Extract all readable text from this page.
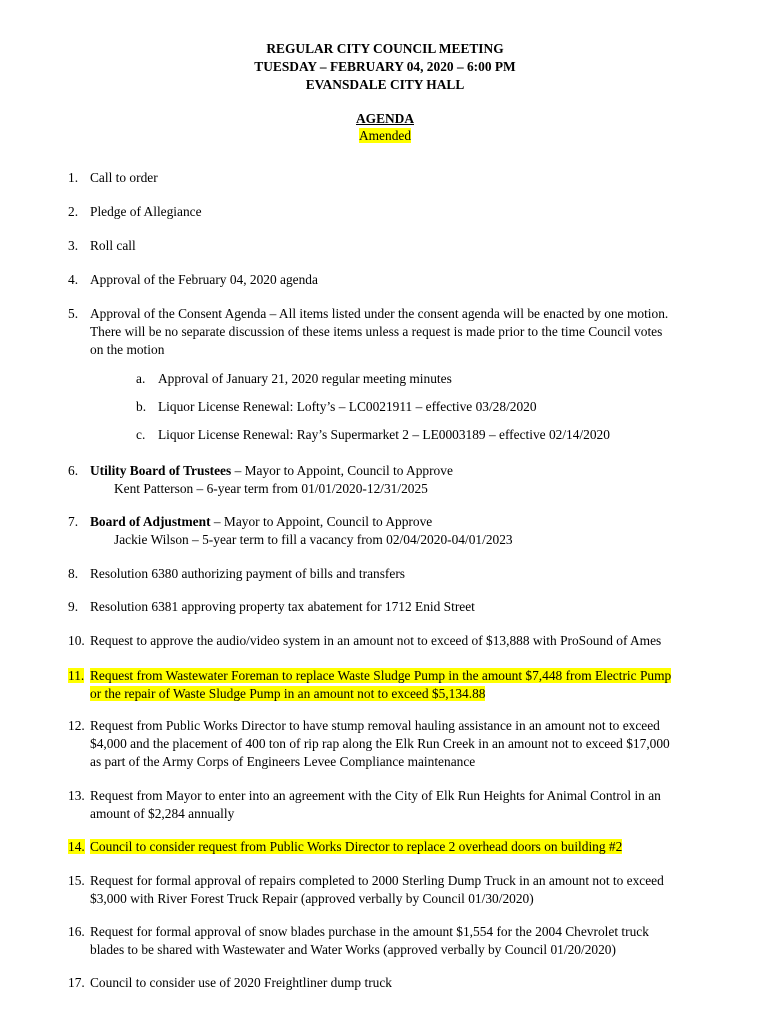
REGULAR CITY COUNCIL MEETING
TUESDAY – FEBRUARY 04, 2020 – 6:00 PM
EVANSDALE CITY HALL
AGENDA
Amended
1. Call to order
2. Pledge of Allegiance
3. Roll call
4. Approval of the February 04, 2020 agenda
5. Approval of the Consent Agenda – All items listed under the consent agenda will be enacted by one motion.
There will be no separate discussion of these items unless a request is made prior to the time Council votes
on the motion
a. Approval of January 21, 2020 regular meeting minutes
b. Liquor License Renewal: Lofty’s – LC0021911 – effective 03/28/2020
c. Liquor License Renewal: Ray’s Supermarket 2 – LE0003189 – effective 02/14/2020
6. Utility Board of Trustees – Mayor to Appoint, Council to Approve
Kent Patterson – 6-year term from 01/01/2020-12/31/2025
7. Board of Adjustment – Mayor to Appoint, Council to Approve
Jackie Wilson – 5-year term to fill a vacancy from 02/04/2020-04/01/2023
8. Resolution 6380 authorizing payment of bills and transfers
9. Resolution 6381 approving property tax abatement for 1712 Enid Street
10. Request to approve the audio/video system in an amount not to exceed of $13,888 with ProSound of Ames
11. Request from Wastewater Foreman to replace Waste Sludge Pump in the amount $7,448 from Electric Pump
or the repair of Waste Sludge Pump in an amount not to exceed $5,134.88
12. Request from Public Works Director to have stump removal hauling assistance in an amount not to exceed
$4,000 and the placement of 400 ton of rip rap along the Elk Run Creek in an amount not to exceed $17,000
as part of the Army Corps of Engineers Levee Compliance maintenance
13. Request from Mayor to enter into an agreement with the City of Elk Run Heights for Animal Control in an
amount of $2,284 annually
14. Council to consider request from Public Works Director to replace 2 overhead doors on building #2
15. Request for formal approval of repairs completed to 2000 Sterling Dump Truck in an amount not to exceed
$3,000 with River Forest Truck Repair (approved verbally by Council 01/30/2020)
16. Request for formal approval of snow blades purchase in the amount $1,554 for the 2004 Chevrolet truck
blades to be shared with Wastewater and Water Works (approved verbally by Council 01/20/2020)
17. Council to consider use of 2020 Freightliner dump truck
